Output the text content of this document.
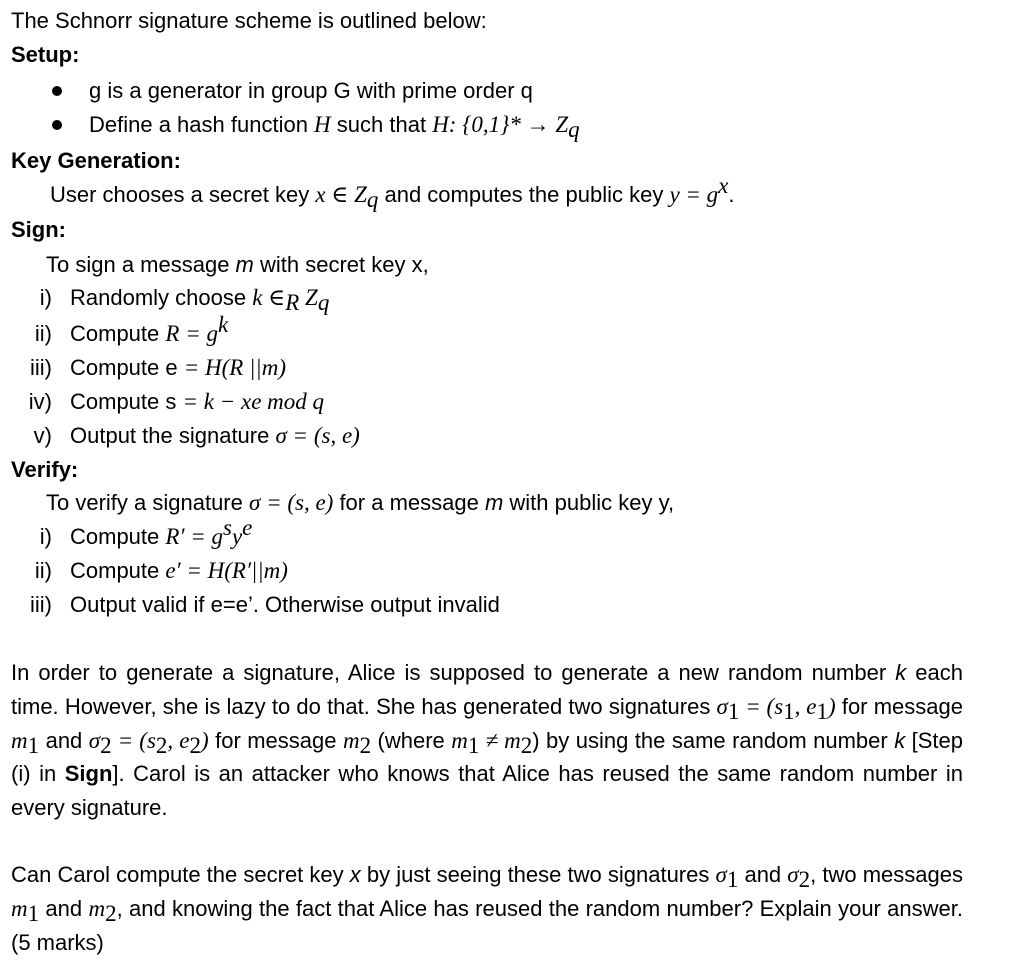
The Schnorr signature scheme is outlined below:
Setup:
g is a generator in group G with prime order q
Define a hash function H such that H: $\{0,1\}* \to Z_q$
Key Generation:
User chooses a secret key x ∈ $Z_q$ and computes the public key $y = g^x$.
Sign:
To sign a message m with secret key x,
i) Randomly choose k $\in_R$ $Z_q$
ii) Compute $R = g^k$
iii) Compute e = H(R ||m)
iv) Compute s = k − xe mod q
v) Output the signature σ = (s, e)
Verify:
To verify a signature σ = (s, e) for a message m with public key y,
i) Compute $R' = g^sy^e$
ii) Compute e′ = H(R′||m)
iii) Output valid if e=e’. Otherwise output invalid

In order to generate a signature, Alice is supposed to generate a new random number k each time. However, she is lazy to do that. She has generated two signatures $\sigma_1 = (s_1$, $e_1$) for message $m_1$ and $\sigma_2 = (s_2$, $e_2$) for message $m_2$ (where $m_1 \ne m_2$) by using the same random number k [Step (i) in Sign]. Carol is an attacker who knows that Alice has reused the same random number in every signature.

Can Carol compute the secret key x by just seeing these two signatures $\sigma_1$ and $\sigma_2$, two messages $m_1$ and $m_2$, and knowing the fact that Alice has reused the random number? Explain your answer. (5 marks)
